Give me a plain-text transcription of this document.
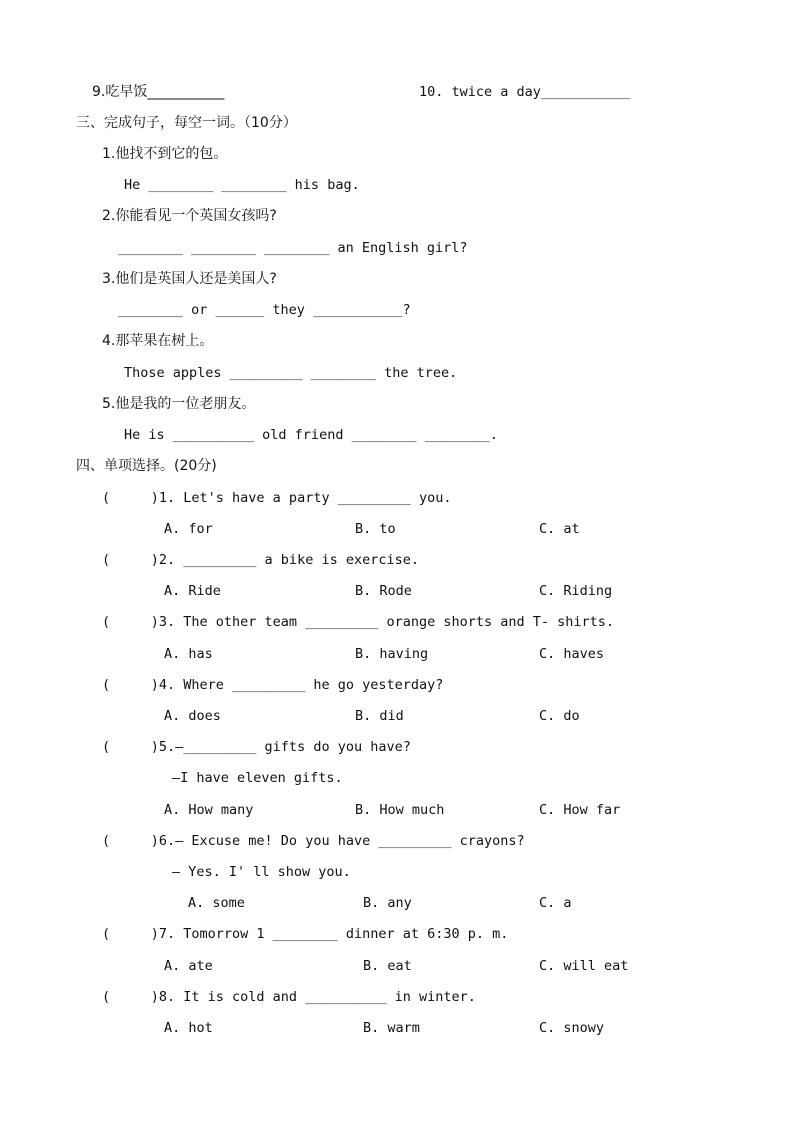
9.吃早饭___________	10. twice a day___________
三、完成句子，每空一词。（10分）
1.他找不到它的包。
He ________ ________ his bag.
2.你能看见一个英国女孩吗?
________ ________ ________ an English girl?
3.他们是英国人还是美国人?
________ or ______ they ___________?
4.那苹果在树上。
Those apples _________ ________ the tree.
5.他是我的一位老朋友。
He is __________ old friend ________ ________.
四、单项选择。(20分)
(     )1. Let's have a party _________ you.
A. for	B. to	C. at
(     )2. _________ a bike is exercise.
A. Ride	B. Rode	C. Riding
(     )3. The other team _________ orange shorts and T- shirts.
A. has	B. having	C. haves
(     )4. Where _________ he go yesterday?
A. does	B. did	C. do
(     )5.—_________ gifts do you have?
—I have eleven gifts.
A. How many	B. How much	C. How far
(     )6.— Excuse me! Do you have _________ crayons?
— Yes. I' ll show you.
A. some	B. any	C. a
(     )7. Tomorrow 1 ________ dinner at 6:30 p. m.
A. ate	B. eat	C. will eat
(     )8. It is cold and __________ in winter.
A. hot	B. warm	C. snowy
